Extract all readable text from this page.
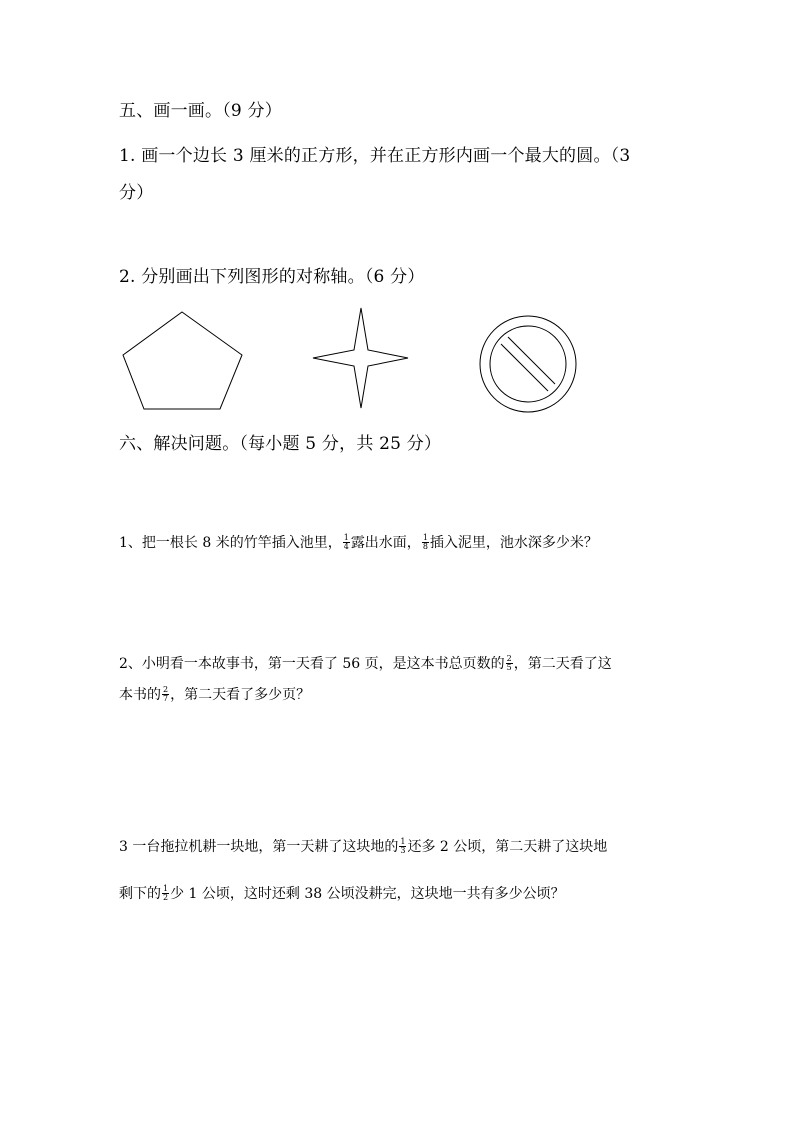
五、画一画。（9 分）
1. 画一个边长 3 厘米的正方形，并在正方形内画一个最大的圆。（3
分）
2. 分别画出下列图形的对称轴。（6 分）
六、解决问题。（每小题 5 分，共 25 分）
1、把一根长 8 米的竹竿插入池里， $\frac{1}{4}$ 露出水面， $\frac{1}{8}$ 插入泥里，池水深多少米？
2、小明看一本故事书，第一天看了 56 页，是这本书总页数的 $\frac{2}{5}$ ，第二天看了这
本书的 $\frac{2}{7}$ ，第二天看了多少页？
3 一台拖拉机耕一块地，第一天耕了这块地的 $\frac{1}{3}$ 还多 2 公顷，第二天耕了这块地
剩下的 $\frac{1}{2}$ 少 1 公顷，这时还剩 38 公顷没耕完，这块地一共有多少公顷？
